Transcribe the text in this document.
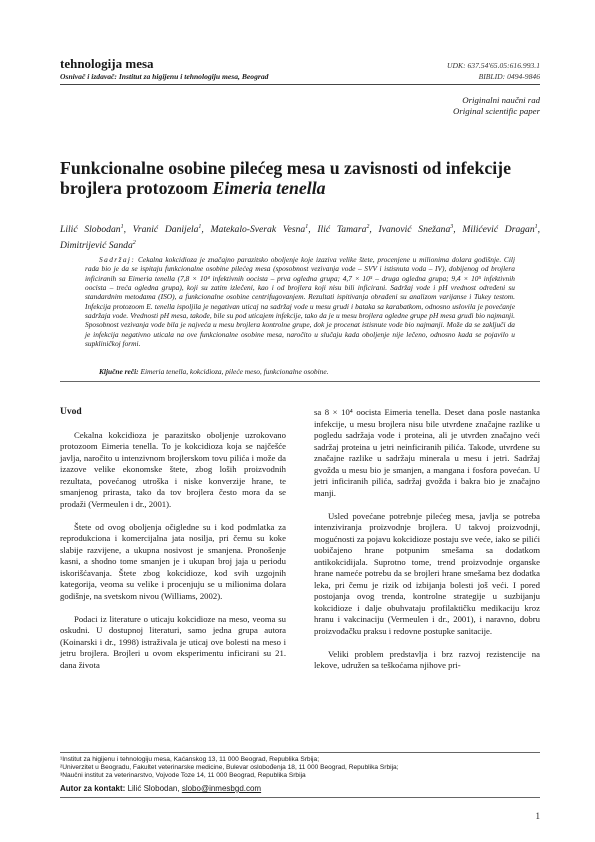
tehnologija mesa
Osnivač i izdavač: Institut za higijenu i tehnologiju mesa, Beograd
UDK: 637.54'65.05:616.993.1
BIBLID: 0494-9846
Originalni naučni rad
Original scientific paper
Funkcionalne osobine pilećeg mesa u zavisnosti od infekcije brojlera protozoom Eimeria tenella
Lilić Slobodan$^1$, Vranić Danijela$^1$, Matekalo-Sverak Vesna$^1$, Ilić Tamara$^2$, Ivanović Snežana$^3$, Milićević Dragan$^1$, Dimitrijević Sanda$^2$
Sadržaj: Cekalna kokcidioza je značajno parazitsko oboljenje koje izaziva velike štete, procenjene u milionima dolara godišnje. Cilj rada bio je da se ispitaju funkcionalne osobine pilećeg mesa (sposobnost vezivanja vode – SVV i istisnuta voda – IV), dobijenog od brojlera inficiranih sa Eimeria tenella (7,8 × 10⁴ infektivnih oocista – prva ogledna grupa; 4,7 × 10⁵ – druga ogledna grupa; 9,4 × 10⁵ infektivnih oocista – treća ogledna grupa), koji su zatim izlečeni, kao i od brojlera koji nisu bili inficirani. Sadržaj vode i pH vrednost određeni su standardnim metodama (ISO), a funkcionalne osobine centrifugovanjem. Rezultati ispitivanja obrađeni su analizom varijanse i Tukey testom. Infekcija protozoom E. tenella ispoljila je negativan uticaj na sadržaj vode u mesu grudi i bataka sa karabatkom, odnosno uslovila je povećanje sadržaja vode. Vrednosti pH mesa, takođe, bile su pod uticajem infekcije, tako da je u mesu brojlera ogledne grupe pH mesa grudi bio najmanji. Sposobnost vezivanja vode bila je najveća u mesu brojlera kontrolne grupe, dok je procenat istisnute vode bio najmanji. Može da se zaključi da je infekcija negativno uticala na ove funkcionalne osobine mesa, naročito u slučaju kada oboljenje nije lečeno, odnosno kada se pojavilo u supkliničkoj formi.
Ključne reči: Eimeria tenella, kokcidioza, pileće meso, funkcionalne osobine.

Uvod

Cekalna kokcidioza je parazitsko oboljenje uzrokovano protozoom Eimeria tenella. To je kokcidioza koja se najčešće javlja, naročito u intenzivnom brojlerskom tovu pilića i može da izazove velike ekonomske štete, zbog loših proizvodnih rezultata, povećanog utroška i niske konverzije hrane, te smanjenog prirasta, tako da tov brojlera često mora da se prodaži (Vermeulen i dr., 2001).

Štete od ovog oboljenja očigledne su i kod podmlatka za reprodukciona i komercijalna jata nosilja, pri čemu su koke slabije razvijene, a ukupna nosivost je smanjena. Pronošenje kasni, a shodno tome smanjen je i ukupan broj jaja u periodu iskorišćavanja. Štete zbog kokcidioze, kod svih uzgojnih kategorija, veoma su velike i procenjuju se u milionima dolara godišnje, na svetskom nivou (Williams, 2002).

Podaci iz literature o uticaju kokcidioze na meso, veoma su oskudni. U dostupnoj literaturi, samo jedna grupa autora (Koinarski i dr., 1998) istraživala je uticaj ove bolesti na meso i jetru brojlera. Brojleri u ovom eksperimentu inficirani su 21. dana života

sa 8 × 10⁴ oocista Eimeria tenella. Deset dana posle nastanka infekcije, u mesu brojlera nisu bile utvrđene značajne razlike u pogledu sadržaja vode i proteina, ali je utvrđen značajno veći sadržaj proteina u jetri neinficiranih pilića. Takođe, utvrđene su značajne razlike u sadržaju minerala u mesu i jetri. Sadržaj gvožđa u mesu bio je smanjen, a mangana i fosfora povećan. U jetri inficiranih pilića, sadržaj gvožđa i bakra bio je značajno manji.

Usled povećane potrebnje pilećeg mesa, javlja se potreba intenziviranja proizvodnje brojlera. U takvoj proizvodnji, mogućnosti za pojavu kokcidioze postaju sve veće, iako se pilići uobičajeno hrane potpunim smešama sa dodatkom antikokcidijala. Suprotno tome, trend proizvodnje organske hrane nameće potrebu da se brojleri hrane smešama bez dodatka leka, pri čemu je rizik od izbijanja bolesti još veći. I pored postojanja ovog trenda, kontrolne strategije u suzbijanju kokcidioze i dalje obuhvataju profilaktičku medikaciju kroz hranu i vakcinaciju (Vermeulen i dr., 2001), i naravno, dobru proizvođačku praksu i redovne postupke sanitacije.

Veliki problem predstavlja i brz razvoj rezistencije na lekove, udružen sa teškoćama njihove pri-

¹Institut za higijenu i tehnologiju mesa, Kaćanskog 13, 11 000 Beograd, Republika Srbija;
²Univerzitet u Beogradu, Fakultet veterinarske medicine, Bulevar oslobođenja 18, 11 000 Beograd, Republika Srbija;
³Naučni institut za veterinarstvo, Vojvode Toze 14, 11 000 Beograd, Republika Srbija
Autor za kontakt: Lilić Slobodan, slobo@inmesbgd.com
1
